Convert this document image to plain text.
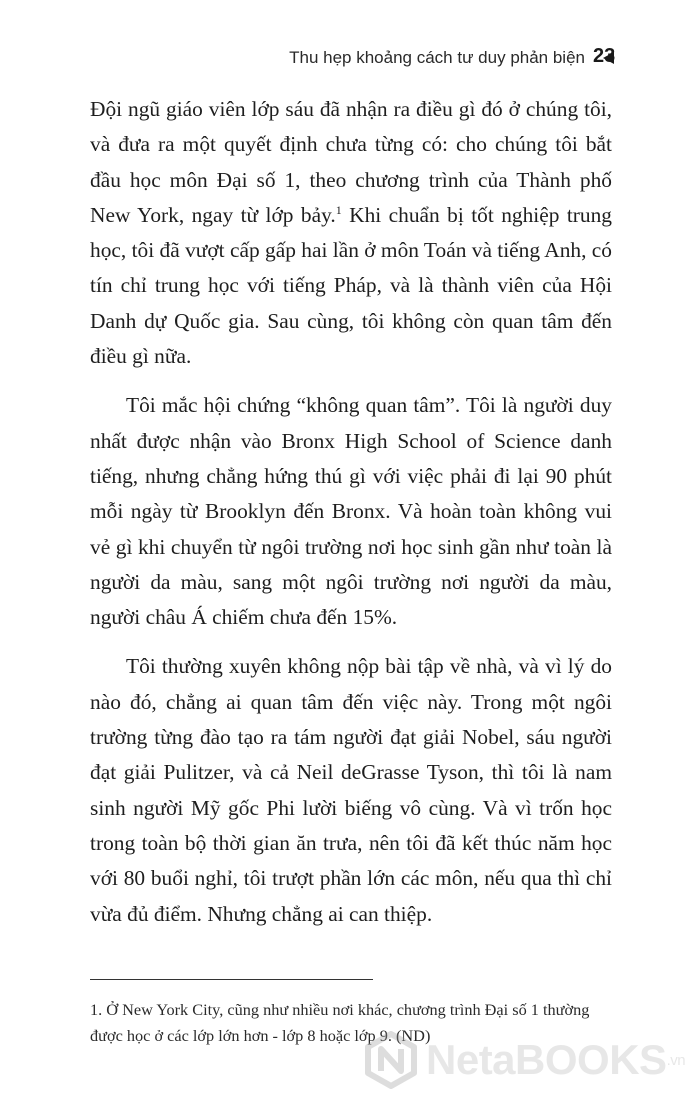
Thu hẹp khoảng cách tư duy phản biện 23

Đội ngũ giáo viên lớp sáu đã nhận ra điều gì đó ở chúng tôi, và đưa ra một quyết định chưa từng có: cho chúng tôi bắt đầu học môn Đại số 1, theo chương trình của Thành phố New York, ngay từ lớp bảy.$^1$ Khi chuẩn bị tốt nghiệp trung học, tôi đã vượt cấp gấp hai lần ở môn Toán và tiếng Anh, có tín chỉ trung học với tiếng Pháp, và là thành viên của Hội Danh dự Quốc gia. Sau cùng, tôi không còn quan tâm đến điều gì nữa.

Tôi mắc hội chứng “không quan tâm”. Tôi là người duy nhất được nhận vào Bronx High School of Science danh tiếng, nhưng chẳng hứng thú gì với việc phải đi lại 90 phút mỗi ngày từ Brooklyn đến Bronx. Và hoàn toàn không vui vẻ gì khi chuyển từ ngôi trường nơi học sinh gần như toàn là người da màu, sang một ngôi trường nơi người da màu, người châu Á chiếm chưa đến 15%.

Tôi thường xuyên không nộp bài tập về nhà, và vì lý do nào đó, chẳng ai quan tâm đến việc này. Trong một ngôi trường từng đào tạo ra tám người đạt giải Nobel, sáu người đạt giải Pulitzer, và cả Neil deGrasse Tyson, thì tôi là nam sinh người Mỹ gốc Phi lười biếng vô cùng. Và vì trốn học trong toàn bộ thời gian ăn trưa, nên tôi đã kết thúc năm học với 80 buổi nghỉ, tôi trượt phần lớn các môn, nếu qua thì chỉ vừa đủ điểm. Nhưng chẳng ai can thiệp.

1. Ở New York City, cũng như nhiều nơi khác, chương trình Đại số 1 thường được học ở các lớp lớn hơn - lớp 8 hoặc lớp 9. (ND)
NetaBOOKS .vn
